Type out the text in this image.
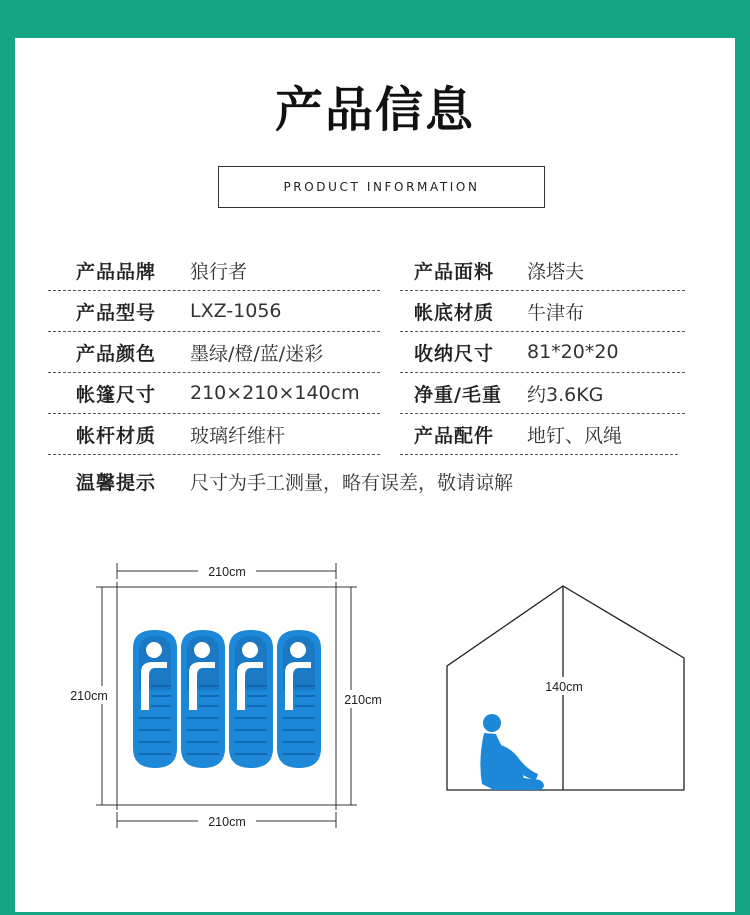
产品信息
PRODUCT INFORMATION
产品品牌 狼行者
产品型号 LXZ-1056
产品颜色 墨绿/橙/蓝/迷彩
帐篷尺寸 210×210×140cm
帐杆材质 玻璃纤维杆
产品面料 涤塔夫
帐底材质 牛津布
收纳尺寸 81*20*20
净重/毛重 约3.6KG
产品配件 地钉、风绳
温馨提示 尺寸为手工测量，略有误差，敬请谅解
210cm
210cm
210cm	210cm
140cm
